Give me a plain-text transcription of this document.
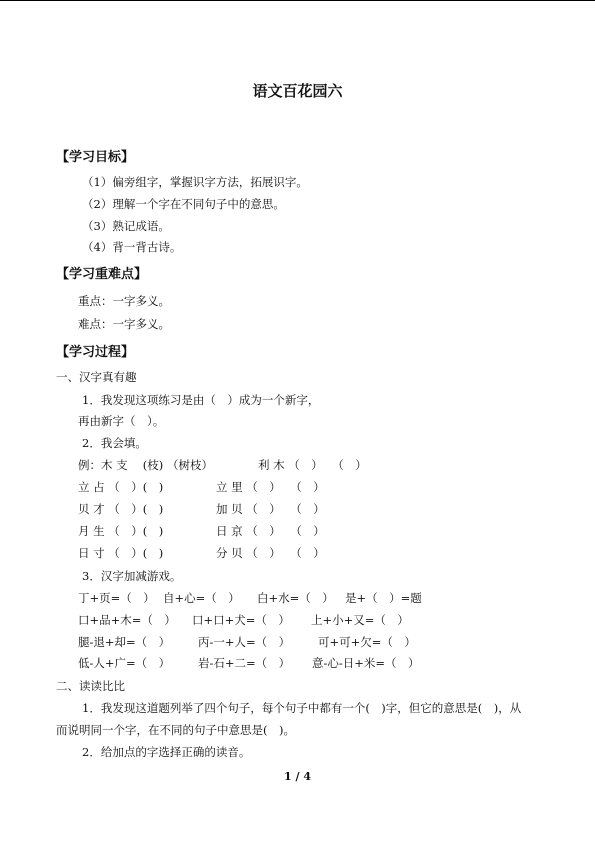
语文百花园六
【学习目标】
（1）偏旁组字，掌握识字方法，拓展识字。
（2）理解一个字在不同句子中的意思。
（3）熟记成语。
（4）背一背古诗。
【学习重难点】
重点：一字多义。
难点：一字多义。
【学习过程】
一、汉字真有趣
1．我发现这项练习是由（　）成为一个新字，
再由新字（　）。
2．我会填。
例：木 支 　(枝) （树枝）	利 木 （　） 　（　）
立 占 （　）(　)	立 里 （　） 　（　）
贝 才 （　）(　)	加 贝 （　） 　（　）
月 生 （　）(　)	日 京 （　） 　（　）
日 寸 （　）(　)	分 贝 （　） 　（　）
3．汉字加减游戏。
丁+页=（　） 自+心=（　） 白+水=（　） 是+（　）=题
口+品+木=（　） 口+口+犬=（　） 上+小+又=（　）
腿-退+却=（　） 丙-一+人=（　） 可+可+欠=（　）
低-人+广=（　） 岩-石+二=（　） 意-心-日+米=（　）
二、读读比比
1．我发现这道题列举了四个句子，每个句子中都有一个(　)字，但它的意思是(　)，从
而说明同一个字，在不同的句子中意思是(　)。
2．给加点的字选择正确的读音。
1 / 4
